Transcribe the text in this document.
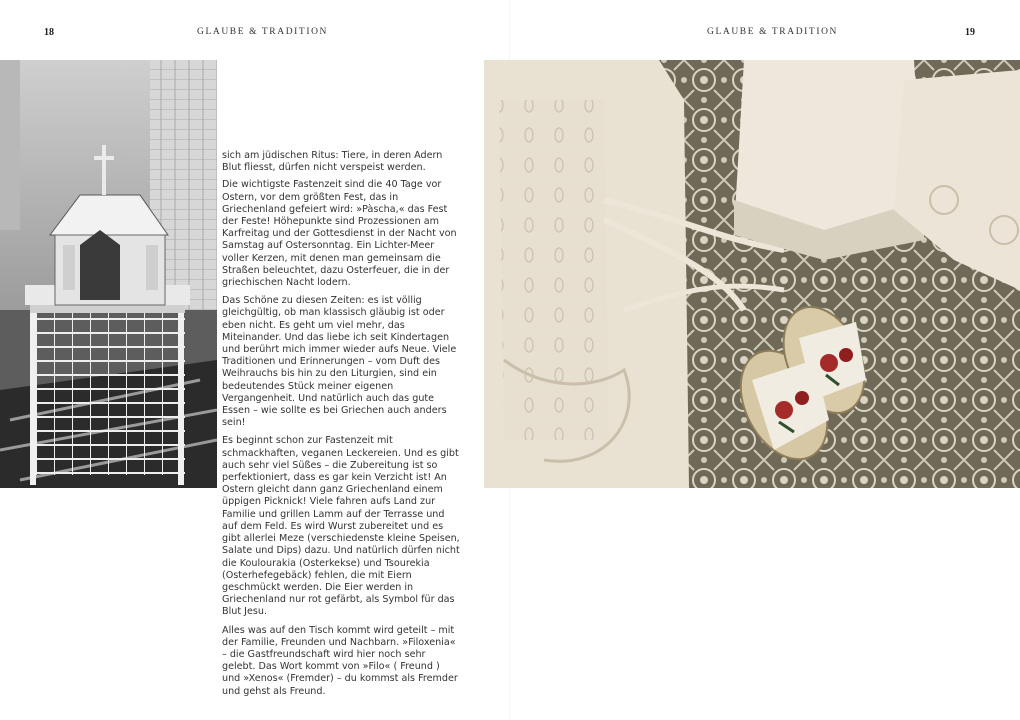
18	GLAUBE & TRADITION

sich am jüdischen Ritus: Tiere, in deren Adern Blut fliesst, dürfen nicht verspeist werden.

Die wichtigste Fastenzeit sind die 40 Tage vor Ostern, vor dem größten Fest, das in Griechenland gefeiert wird: »Pàscha,« das Fest der Feste! Höhepunkte sind Prozessionen am Karfreitag und der Gottesdienst in der Nacht von Samstag auf Ostersonntag. Ein Lichter-Meer voller Kerzen, mit denen man gemeinsam die Straßen beleuchtet, dazu Osterfeuer, die in der griechischen Nacht lodern.

Das Schöne zu diesen Zeiten: es ist völlig gleichgültig, ob man klassisch gläubig ist oder eben nicht. Es geht um viel mehr, das Miteinander. Und das liebe ich seit Kindertagen und berührt mich immer wieder aufs Neue. Viele Traditionen und Erinnerungen – vom Duft des Weihrauchs bis hin zu den Liturgien, sind ein bedeutendes Stück meiner eigenen Vergangenheit. Und natürlich auch das gute Essen – wie sollte es bei Griechen auch anders sein!

Es beginnt schon zur Fastenzeit mit schmackhaften, veganen Leckereien. Und es gibt auch sehr viel Süßes – die Zubereitung ist so perfektioniert, dass es gar kein Verzicht ist! An Ostern gleicht dann ganz Griechenland einem üppigen Picknick! Viele fahren aufs Land zur Familie und grillen Lamm auf der Terrasse und auf dem Feld. Es wird Wurst zubereitet und es gibt allerlei Meze (verschiedenste kleine Speisen, Salate und Dips) dazu. Und natürlich dürfen nicht die Koulourakia (Osterkekse) und Tsourekia (Osterhefegebäck) fehlen, die mit Eiern geschmückt werden. Die Eier werden in Griechenland nur rot gefärbt, als Symbol für das Blut Jesu.

Alles was auf den Tisch kommt wird geteilt – mit der Familie, Freunden und Nachbarn. »Filoxenia« – die Gastfreundschaft wird hier noch sehr gelebt. Das Wort kommt von »Filo« ( Freund ) und »Xenos« (Fremder) – du kommst als Fremder und gehst als Freund.

GLAUBE & TRADITION	19
